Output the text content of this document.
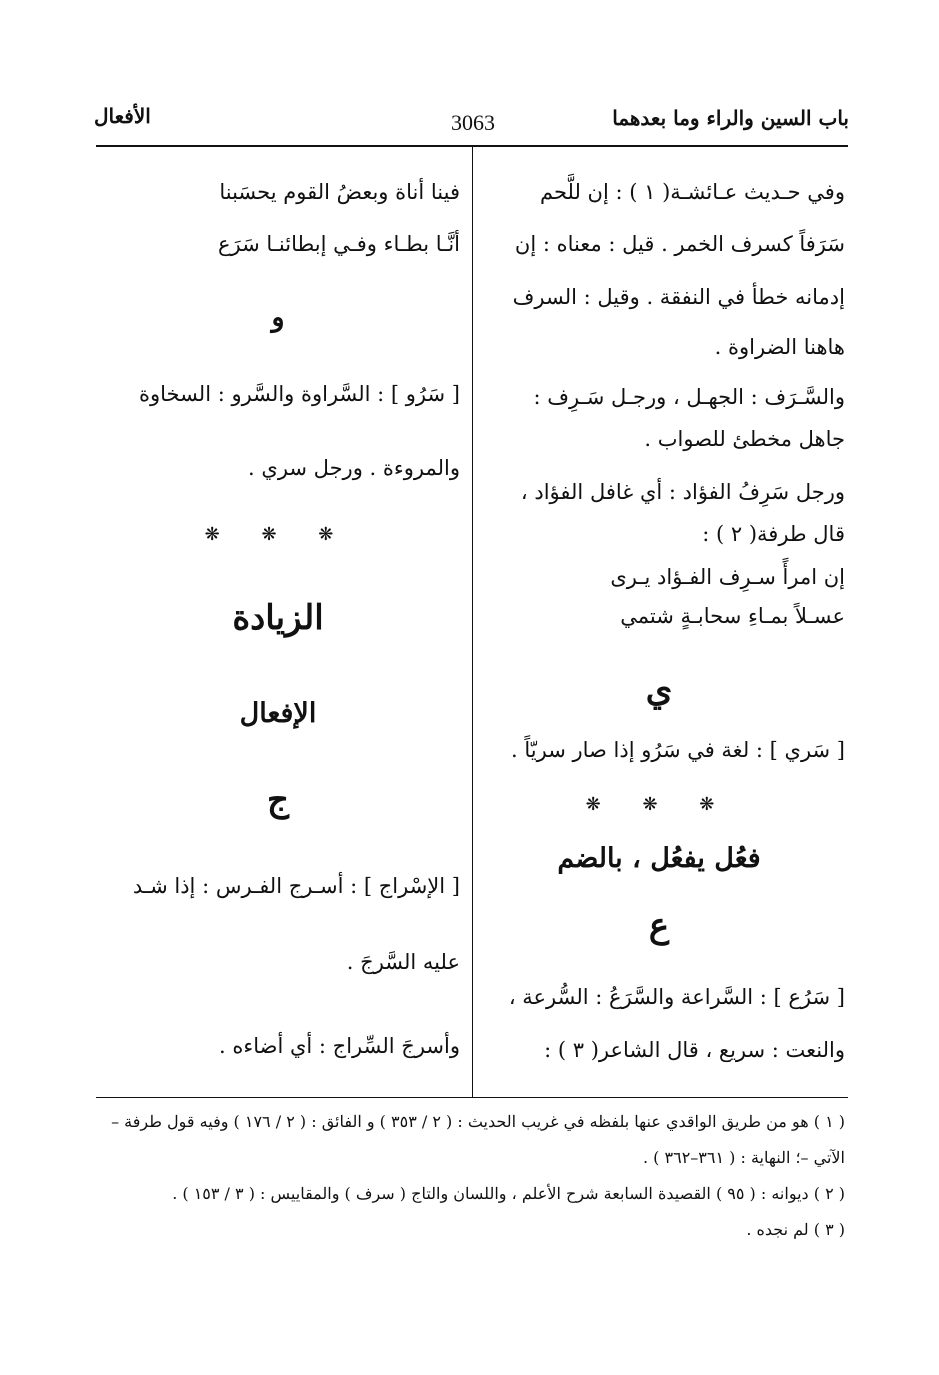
باب السين والراء وما بعدهما
3063
الأفعال
وفي حـديث عـائشـة( ١ ) : إن للَّحم
سَرَفاً كسرف الخمر . قيل : معناه : إن
إدمانه خطأ في النفقة . وقيل : السرف
هاهنا الضراوة .
والسَّـرَف : الجهـل ، ورجـل سَـرِف :
جاهل مخطئ للصواب .
ورجل سَرِفُ الفؤاد : أي غافل الفؤاد ،
قال طرفة( ٢ ) :
إن امرأً سـرِف الفـؤاد يـرى
عسـلاً بمـاءِ سحابـةٍ شتمي
ي
[ سَري ] : لغة في سَرُو إذا صار سريّاً .
❋ ❋ ❋
فعُل يفعُل ، بالضم
ع
[ سَرُع ] : السَّراعة والسَّرَعُ : السُّرعة ،
والنعت : سريع ، قال الشاعر( ٣ ) :
فينا أناة وبعضُ القوم يحسَبنا
أنَّـا بطـاء وفـي إبطائنـا سَرَع
و
[ سَرُو ] : السَّراوة والسَّرو : السخاوة
والمروءة . ورجل سري .
❋ ❋ ❋
الزيادة
الإفعال
ج
[ الإسْراج ] : أسـرج الفـرس : إذا شـد
عليه السَّرجَ .
وأسرجَ السِّراج : أي أضاءه .
( ١ ) هو من طريق الواقدي عنها بلفظه في غريب الحديث : ( ٢ / ٣٥٣ ) و الفائق : ( ٢ / ١٧٦ ) وفيه قول طرفة –
الآتي –؛ النهاية : ( ٣٦١–٣٦٢ ) .
( ٢ ) ديوانه : ( ٩٥ ) القصيدة السابعة شرح الأعلم ، واللسان والتاج ( سرف ) والمقاييس : ( ٣ / ١٥٣ ) .
( ٣ ) لم نجده .
